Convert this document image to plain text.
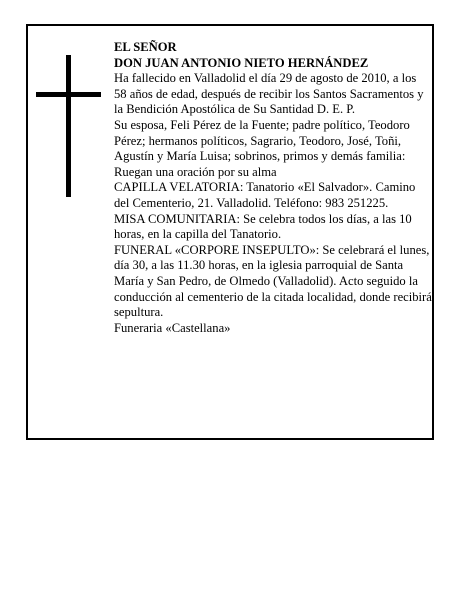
EL SEÑOR

DON JUAN ANTONIO NIETO HERNÁNDEZ

Ha fallecido en Valladolid el día 29 de agosto de 2010, a los 58 años de edad, después de recibir los Santos Sacramentos y la Bendición Apostólica de Su Santidad D. E. P.

Su esposa, Feli Pérez de la Fuente; padre político, Teodoro Pérez; hermanos políticos, Sagrario, Teodoro, José, Toñi, Agustín y María Luisa; sobrinos, primos y demás familia:

Ruegan una oración por su alma

CAPILLA VELATORIA: Tanatorio «El Salvador». Camino del Cementerio, 21. Valladolid. Teléfono: 983 251225.

MISA COMUNITARIA: Se celebra todos los días, a las 10 horas, en la capilla del Tanatorio.

FUNERAL «CORPORE INSEPULTO»: Se celebrará el lunes, día 30, a las 11.30 horas, en la iglesia parroquial de Santa María y San Pedro, de Olmedo (Valladolid). Acto seguido la conducción al cementerio de la citada localidad, donde recibirá sepultura.

Funeraria «Castellana»
